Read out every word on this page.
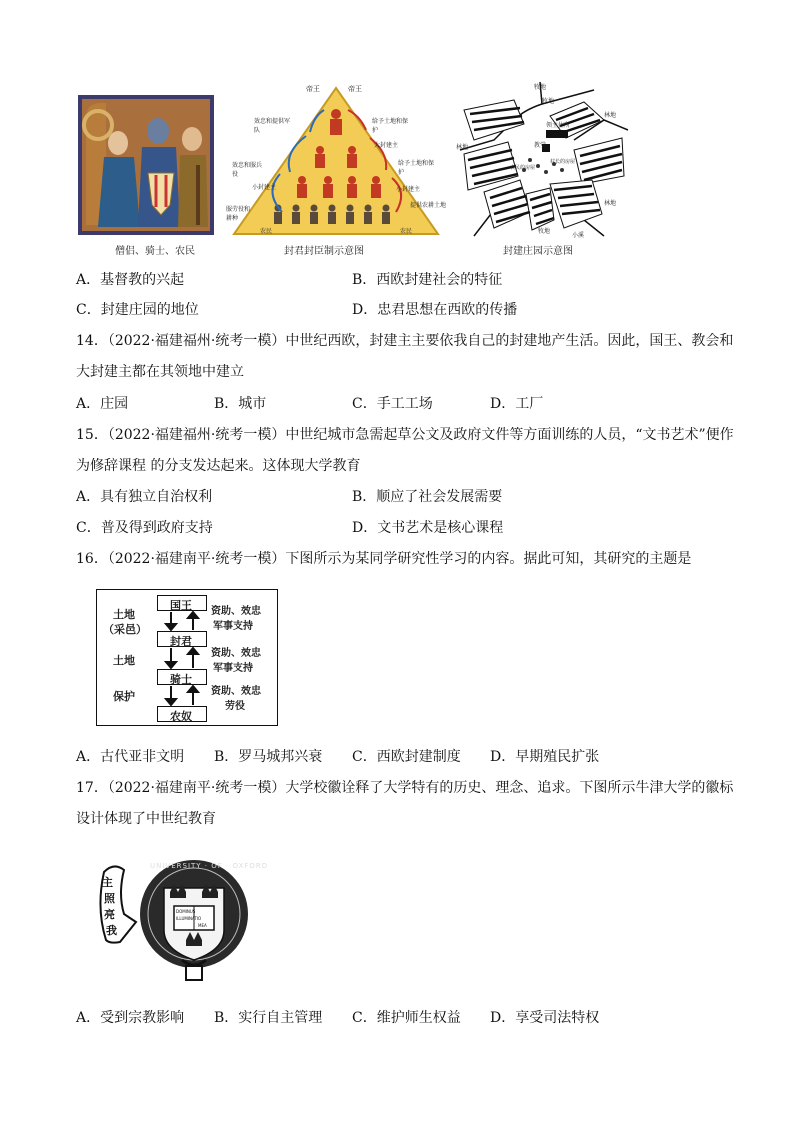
僧侣、骑士、农民
帝王	帝王
效忠和提供军队
效忠和服兵役
小封建主
服劳役和耕种
给予土地和保护
大封建主
给予土地和保护
小封建主
提供农耕土地
农民	农民
封君封臣制示意图
牧地
牧地
领主住所
教堂
林地
林地
农民的房屋
村长的房屋
林地
牧地
小溪
封建庄园示意图
A．基督教的兴起	B．西欧封建社会的特征
C．封建庄园的地位	D．忠君思想在西欧的传播
14．（2022·福建福州·统考一模）中世纪西欧，封建主主要依我自己的封建地产生活。因此，国王、教会和
大封建主都在其领地中建立
A．庄园	B．城市	C．手工工场	D．工厂
15．（2022·福建福州·统考一模）中世纪城市急需起草公文及政府文件等方面训练的人员，“文书艺术”便作
为修辞课程 的分支发达起来。这体现大学教育
A．具有独立自治权利	B．顺应了社会发展需要
C．普及得到政府支持	D．文书艺术是核心课程
16．（2022·福建南平·统考一模）下图所示为某同学研究性学习的内容。据此可知，其研究的主题是
土地
（采邑）
土地
保护
国王
封君
骑士
农奴
资助、效忠
军事支持
资助、效忠
军事支持
资助、效忠
劳役
A．古代亚非文明 B．罗马城邦兴衰 C．西欧封建制度 D．早期殖民扩张
17．（2022·福建南平·统考一模）大学校徽诠释了大学特有的历史、理念、追求。下图所示牛津大学的徽标
设计体现了中世纪教育
主
照
亮
我
UNIVERSITY · OF · OXFORD
DOMINUS
ILLUMINATIO
MEA
A．受到宗教影响 B．实行自主管理 C．维护师生权益 D．享受司法特权
